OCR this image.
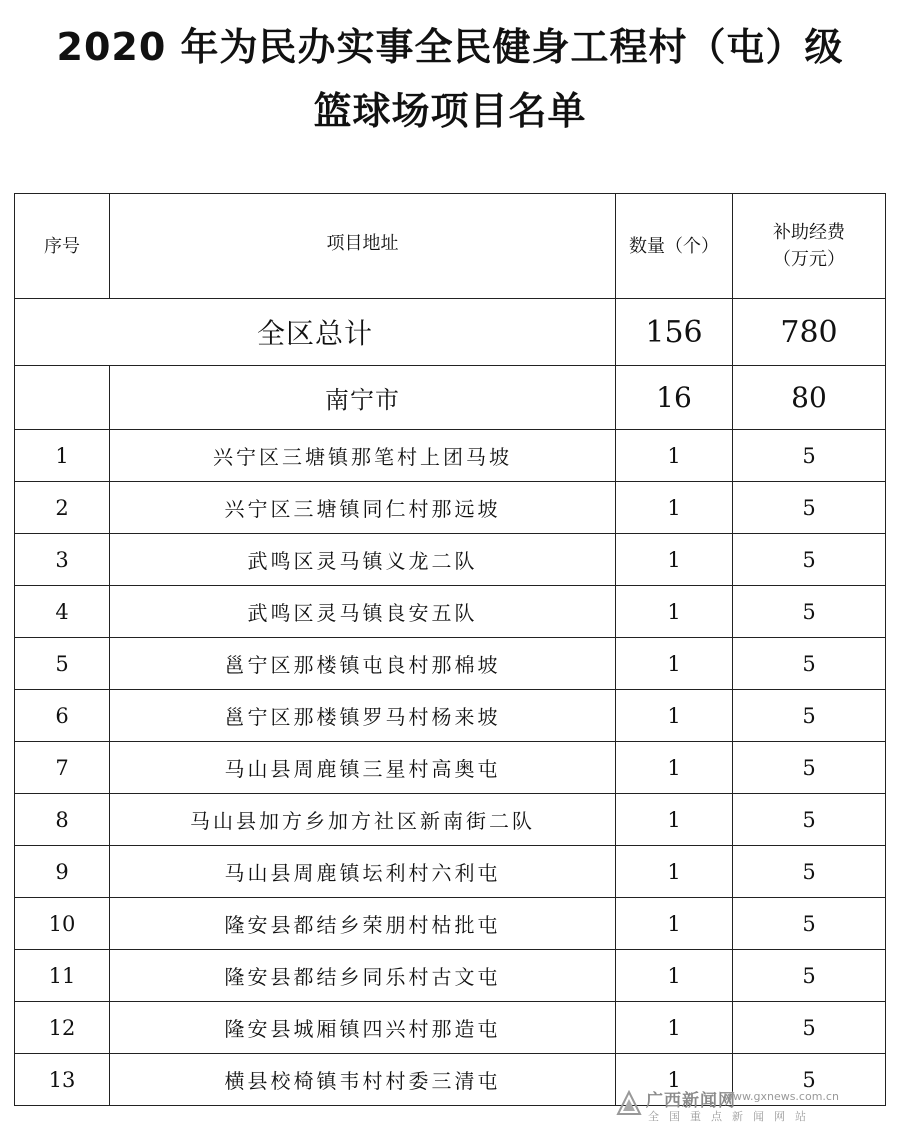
2020 年为民办实事全民健身工程村（屯）级
篮球场项目名单
序号	项目地址	数量（个）	补助经费
（万元）

全区总计		156	780
	南宁市	16	80
1	兴宁区三塘镇那笔村上团马坡	1	5
2	兴宁区三塘镇同仁村那远坡	1	5
3	武鸣区灵马镇义龙二队	1	5
4	武鸣区灵马镇良安五队	1	5
5	邕宁区那楼镇屯良村那棉坡	1	5
6	邕宁区那楼镇罗马村杨来坡	1	5
7	马山县周鹿镇三星村高奥屯	1	5
8	马山县加方乡加方社区新南街二队	1	5
9	马山县周鹿镇坛利村六利屯	1	5
10	隆安县都结乡荣朋村枯批屯	1	5
11	隆安县都结乡同乐村古文屯	1	5
12	隆安县城厢镇四兴村那造屯	1	5
13	横县校椅镇韦村村委三清屯	1	5
广西新闻网
www.gxnews.com.cn
全国重点新闻网站
